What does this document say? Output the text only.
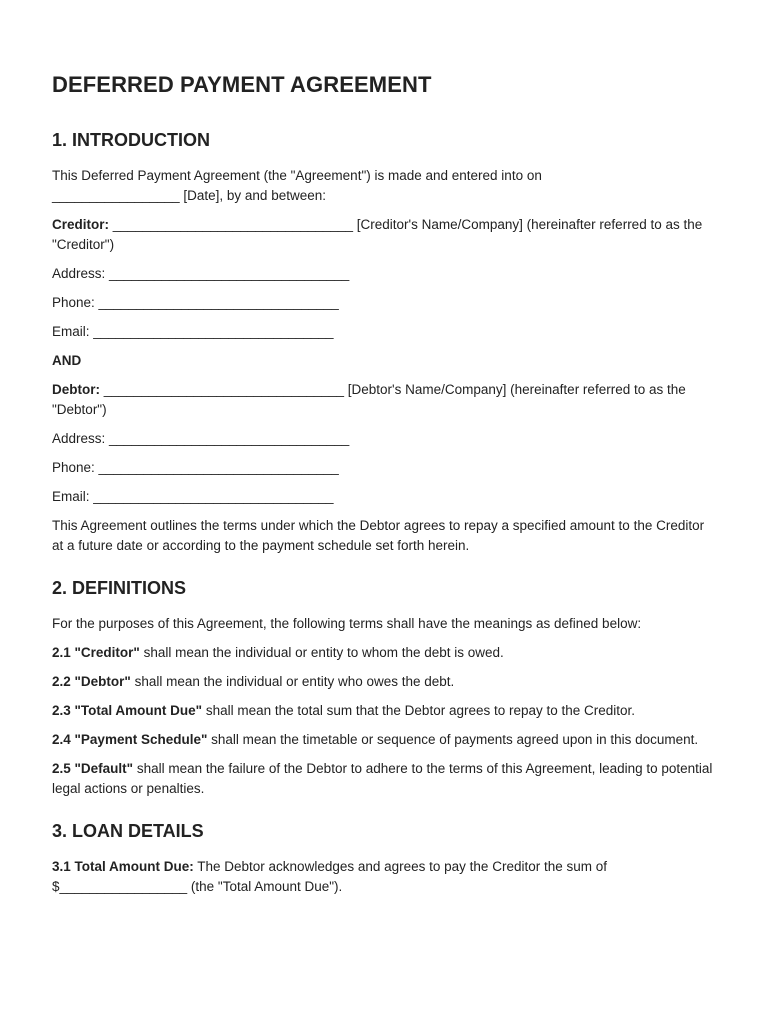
DEFERRED PAYMENT AGREEMENT
1. INTRODUCTION

This Deferred Payment Agreement (the "Agreement") is made and entered into on
_________________ [Date], by and between:

Creditor: ________________________________ [Creditor's Name/Company] (hereinafter referred to as the "Creditor")

Address: ________________________________

Phone: ________________________________

Email: ________________________________

AND

Debtor: ________________________________ [Debtor's Name/Company] (hereinafter referred to as the "Debtor")

Address: ________________________________

Phone: ________________________________

Email: ________________________________

This Agreement outlines the terms under which the Debtor agrees to repay a specified amount to the Creditor at a future date or according to the payment schedule set forth herein.

2. DEFINITIONS

For the purposes of this Agreement, the following terms shall have the meanings as defined below:

2.1 "Creditor" shall mean the individual or entity to whom the debt is owed.

2.2 "Debtor" shall mean the individual or entity who owes the debt.

2.3 "Total Amount Due" shall mean the total sum that the Debtor agrees to repay to the Creditor.

2.4 "Payment Schedule" shall mean the timetable or sequence of payments agreed upon in this document.

2.5 "Default" shall mean the failure of the Debtor to adhere to the terms of this Agreement, leading to potential legal actions or penalties.

3. LOAN DETAILS

3.1 Total Amount Due: The Debtor acknowledges and agrees to pay the Creditor the sum of $_________________ (the "Total Amount Due").
